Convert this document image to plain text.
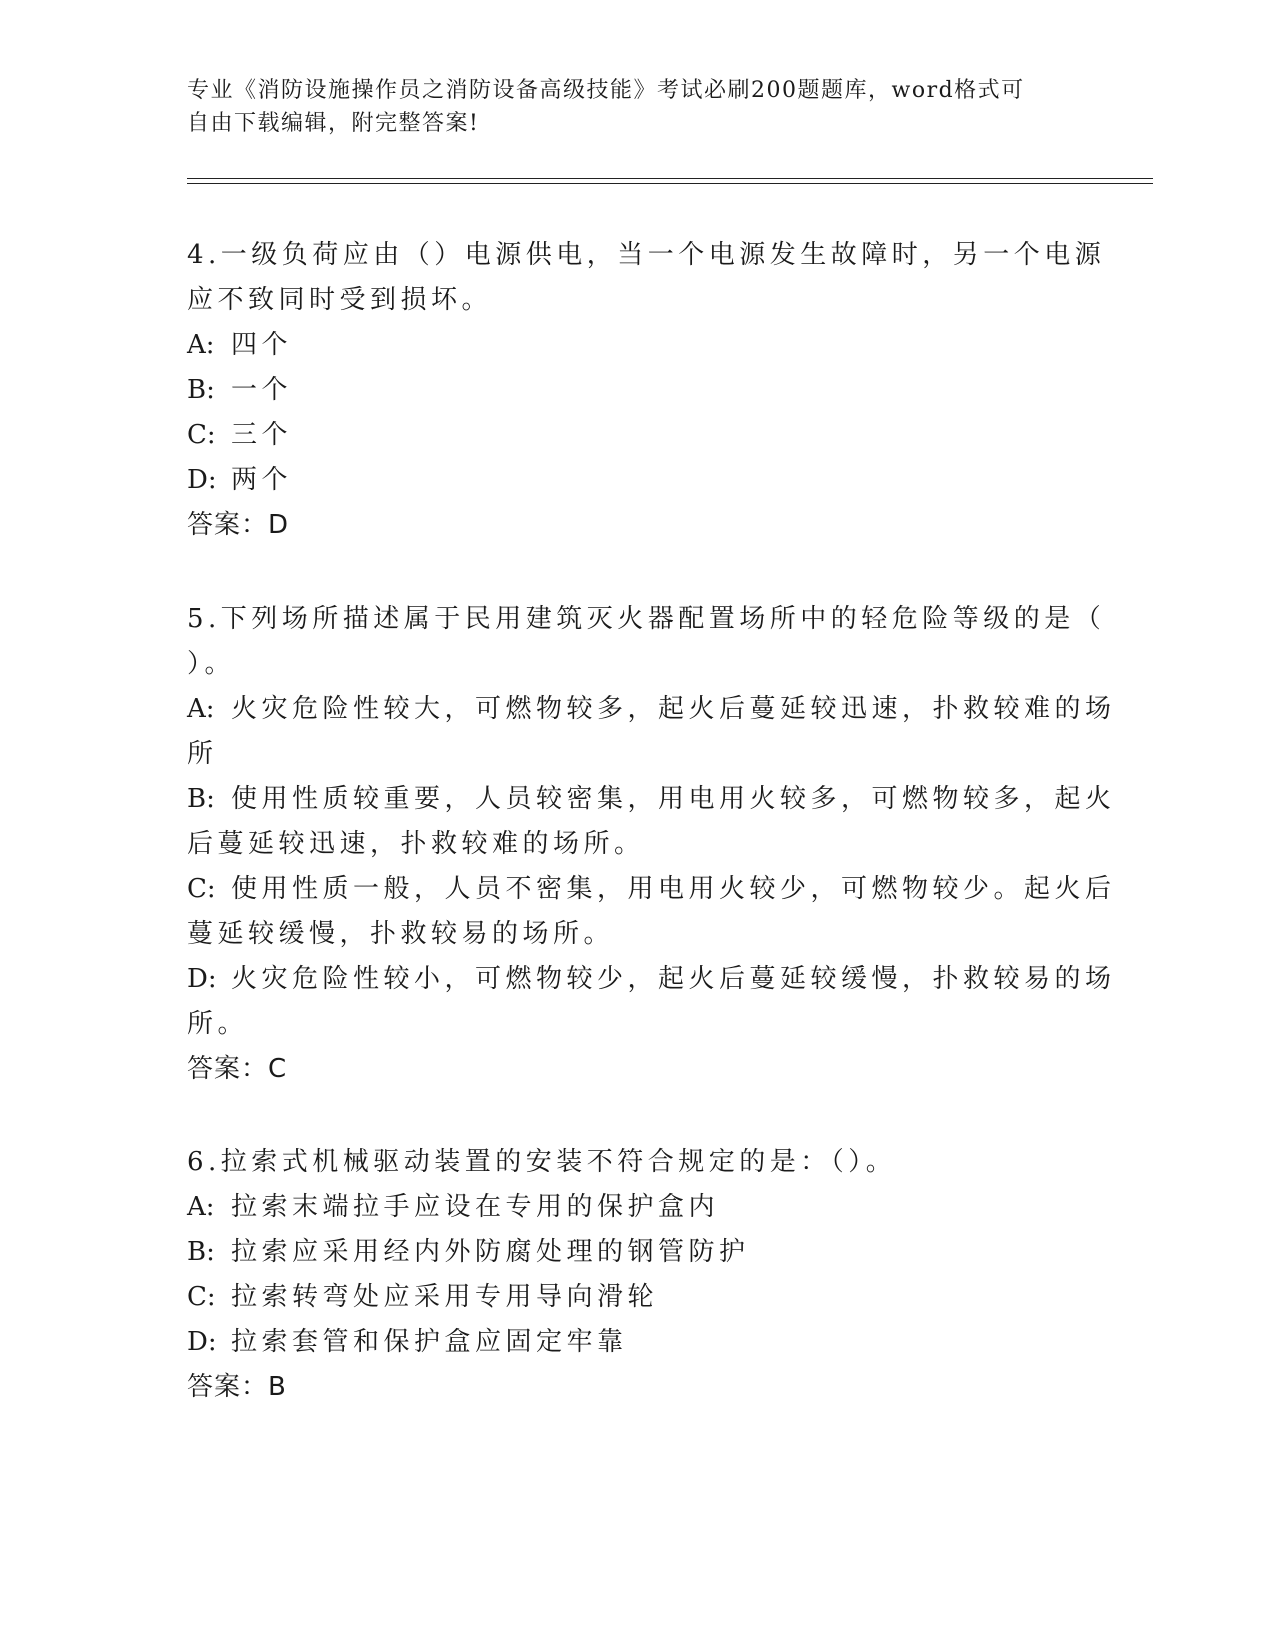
专业《消防设施操作员之消防设备高级技能》考试必刷200题题库，word格式可
自由下载编辑，附完整答案!
4.一级负荷应由（）电源供电，当一个电源发生故障时，另一个电源
应不致同时受到损坏。
A: 四个
B: 一个
C: 三个
D: 两个
答案：D
5.下列场所描述属于民用建筑灭火器配置场所中的轻危险等级的是（
）。
A: 火灾危险性较大，可燃物较多，起火后蔓延较迅速，扑救较难的场
所
B: 使用性质较重要，人员较密集，用电用火较多，可燃物较多，起火
后蔓延较迅速，扑救较难的场所。
C: 使用性质一般，人员不密集，用电用火较少，可燃物较少。起火后
蔓延较缓慢，扑救较易的场所。
D: 火灾危险性较小，可燃物较少，起火后蔓延较缓慢，扑救较易的场
所。
答案：C
6.拉索式机械驱动装置的安装不符合规定的是：（）。
A: 拉索末端拉手应设在专用的保护盒内
B: 拉索应采用经内外防腐处理的钢管防护
C: 拉索转弯处应采用专用导向滑轮
D: 拉索套管和保护盒应固定牢靠
答案：B
